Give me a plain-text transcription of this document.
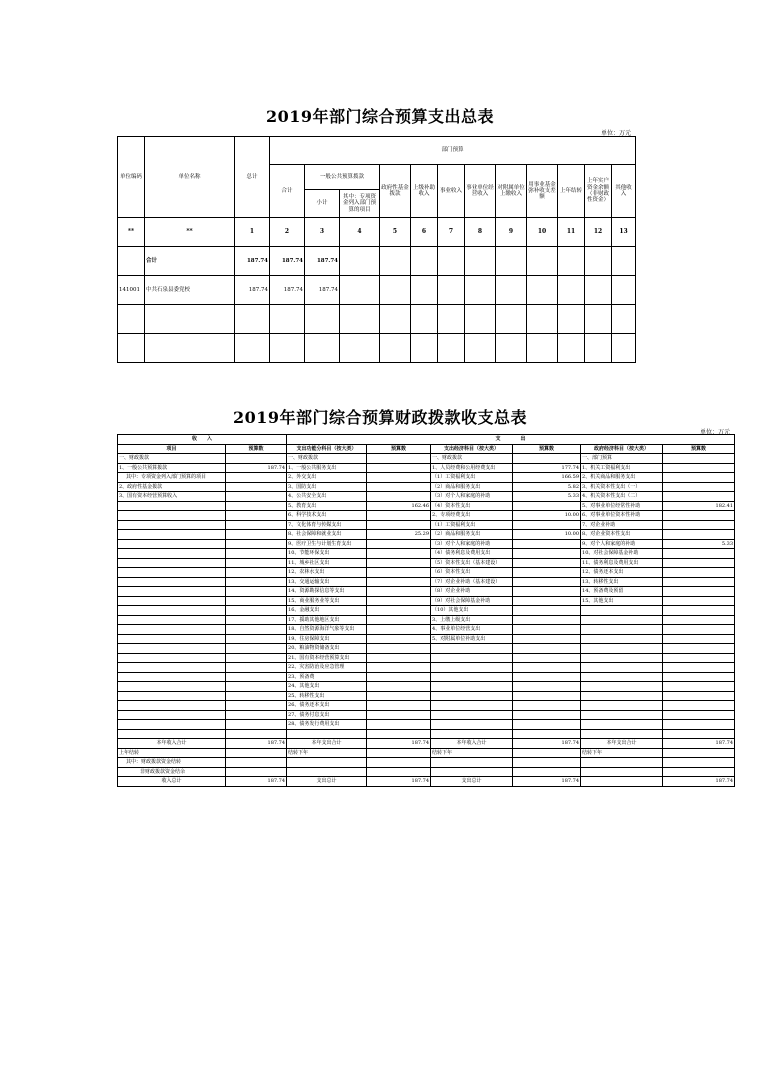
2019年部门综合预算支出总表
单位：万元
单位编码	单位名称	总计	部门预算											
			合计	一般公共预算拨款		政府性基金拨款	上级补助收入	事业收入	事业单位经营收入	对附属单位上缴收入	用事业基金弥补收支差额	上年结转	上年实户资金余额（非财政性资金）	其他收入
				小计	其中：专项资金列入部门预算的项目									
**	**	1	2	3	4	5	6	7	8	9	10	11	12	13
	合计	187.74	187.74	187.74										
141001	中共石泉县委党校	187.74	187.74	187.74										

2019年部门综合预算财政拨款收支总表
单位：万元
收　　入		支　　　　出					
项目	预算数	支出功能分科目（按大类）	预算数	支出经济科目（按大类）	预算数	政府经济科目（按大类）	预算数
一、财政拨款		一、财政拨款		一、财政拨款		一、部门预算	
1、一般公共预算拨款	187.74	1、一般公共服务支出		1、人员经费和公用经费支出	177.74	1、机关工资福利支出	
其中：专项资金列入部门预算的项目		2、外交支出		（1）工资福利支出	166.59	2、机关商品和服务支出	
2、政府性基金拨款		3、国防支出		（2）商品和服务支出	5.82	3、机关资本性支出（一）	
3、国有资本经营预算收入		4、公共安全支出		（3）对个人和家庭的补助	5.33	4、机关资本性支出（二）	
		5、教育支出	162.46	（4）资本性支出		5、对事业单位经常性补助	182.41
		6、科学技术支出		2、专项经费支出	10.00	6、对事业单位资本性补助	
		7、文化体育与传媒支出		（1）工资福利支出		7、对企业补助	
		8、社会保障和就业支出	25.29	（2）商品和服务支出	10.00	8、对企业资本性支出	
		9、医疗卫生与计划生育支出		（3）对个人和家庭的补助		9、对个人和家庭的补助	5.33
		10、节能环保支出		（4）债务利息及费用支出		10、对社会保障基金补助	
		11、城乡社区支出		（5）资本性支出（基本建设）		11、债务利息及费用支出	
		12、农林水支出		（6）资本性支出		12、债务还本支出	
		13、交通运输支出		（7）对企业补助（基本建设）		13、转移性支出	
		14、资源勘探信息等支出		（8）对企业补助		14、预备费及预留	
		15、商业服务业等支出		（9）对社会保障基金补助		15、其他支出	
		16、金融支出		（10）其他支出			
		17、援助其他地区支出		3、上缴上级支出			
		18、自然资源海洋气象等支出		4、事业单位经营支出			
		19、住房保障支出		5、对附属单位补助支出			
		20、粮油物资储备支出					
		21、国有资本经营预算支出					
		22、灾害防治及应急管理					
		23、预备费					
		24、其他支出					
		25、转移性支出					
		26、债务还本支出					
		27、债务付息支出					
		28、债务发行费用支出					

本年收入合计	187.74	本年支出合计	187.74	本年收入合计	187.74	本年支出合计	187.74
上年结转		结转下年		结转下年		结转下年	
其中：财政拨款资金结转							
非财政拨款资金结余							
收入总计	187.74	支出总计	187.74	支出总计	187.74		187.74
